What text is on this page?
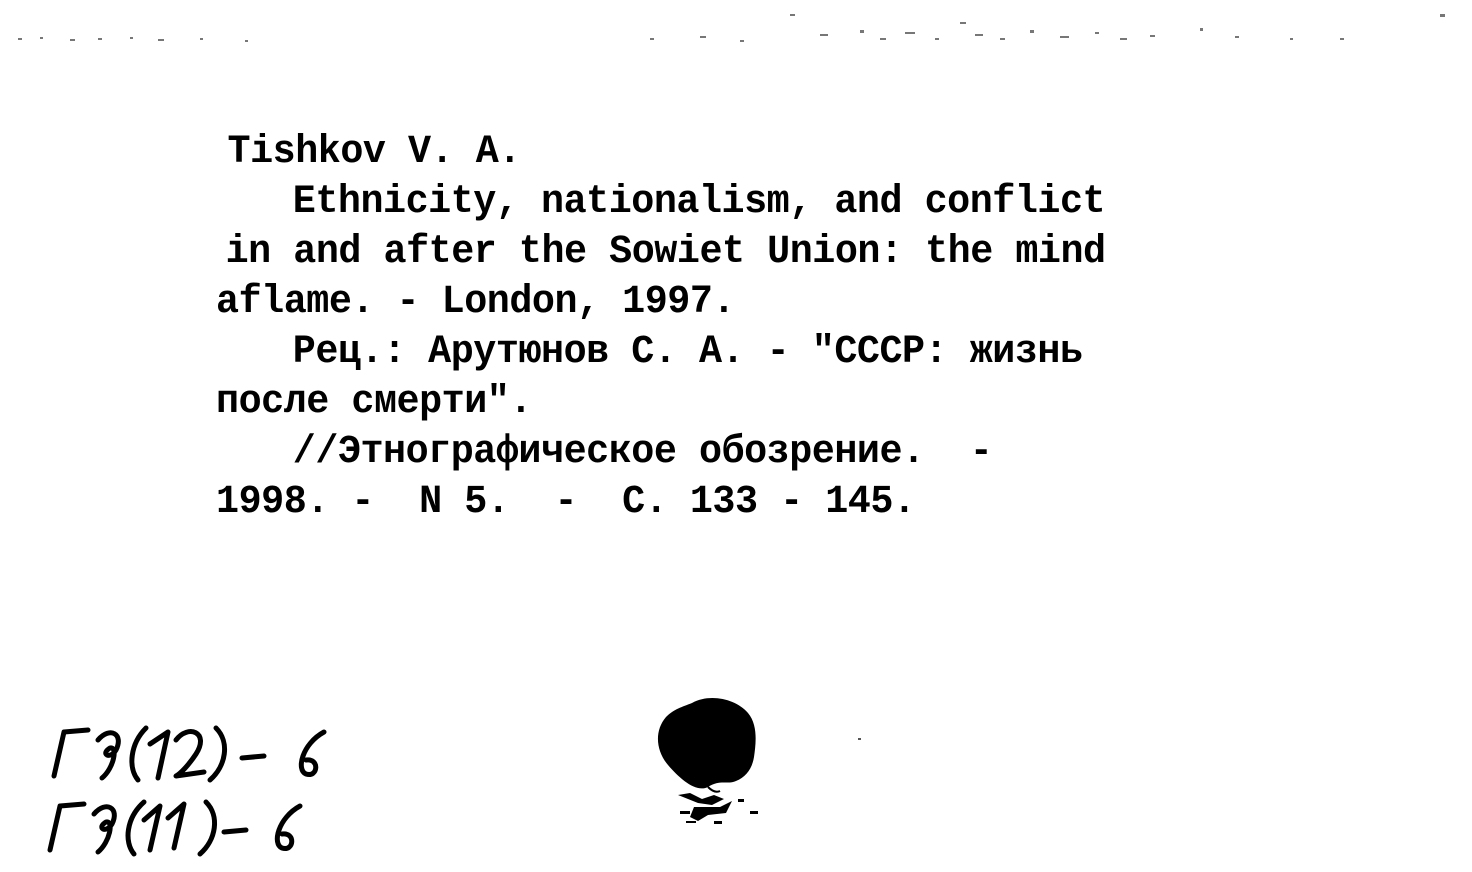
Tishkov V. A.
Ethnicity, nationalism, and conflict
in and after the Sowiet Union: the mind
aflame. - London, 1997.
Рец.: Арутюнов С. А. - "СССР: жизнь
после смерти".
//Этнографическое обозрение.  -
1998. -  N 5.  -  С. 133 - 145.
